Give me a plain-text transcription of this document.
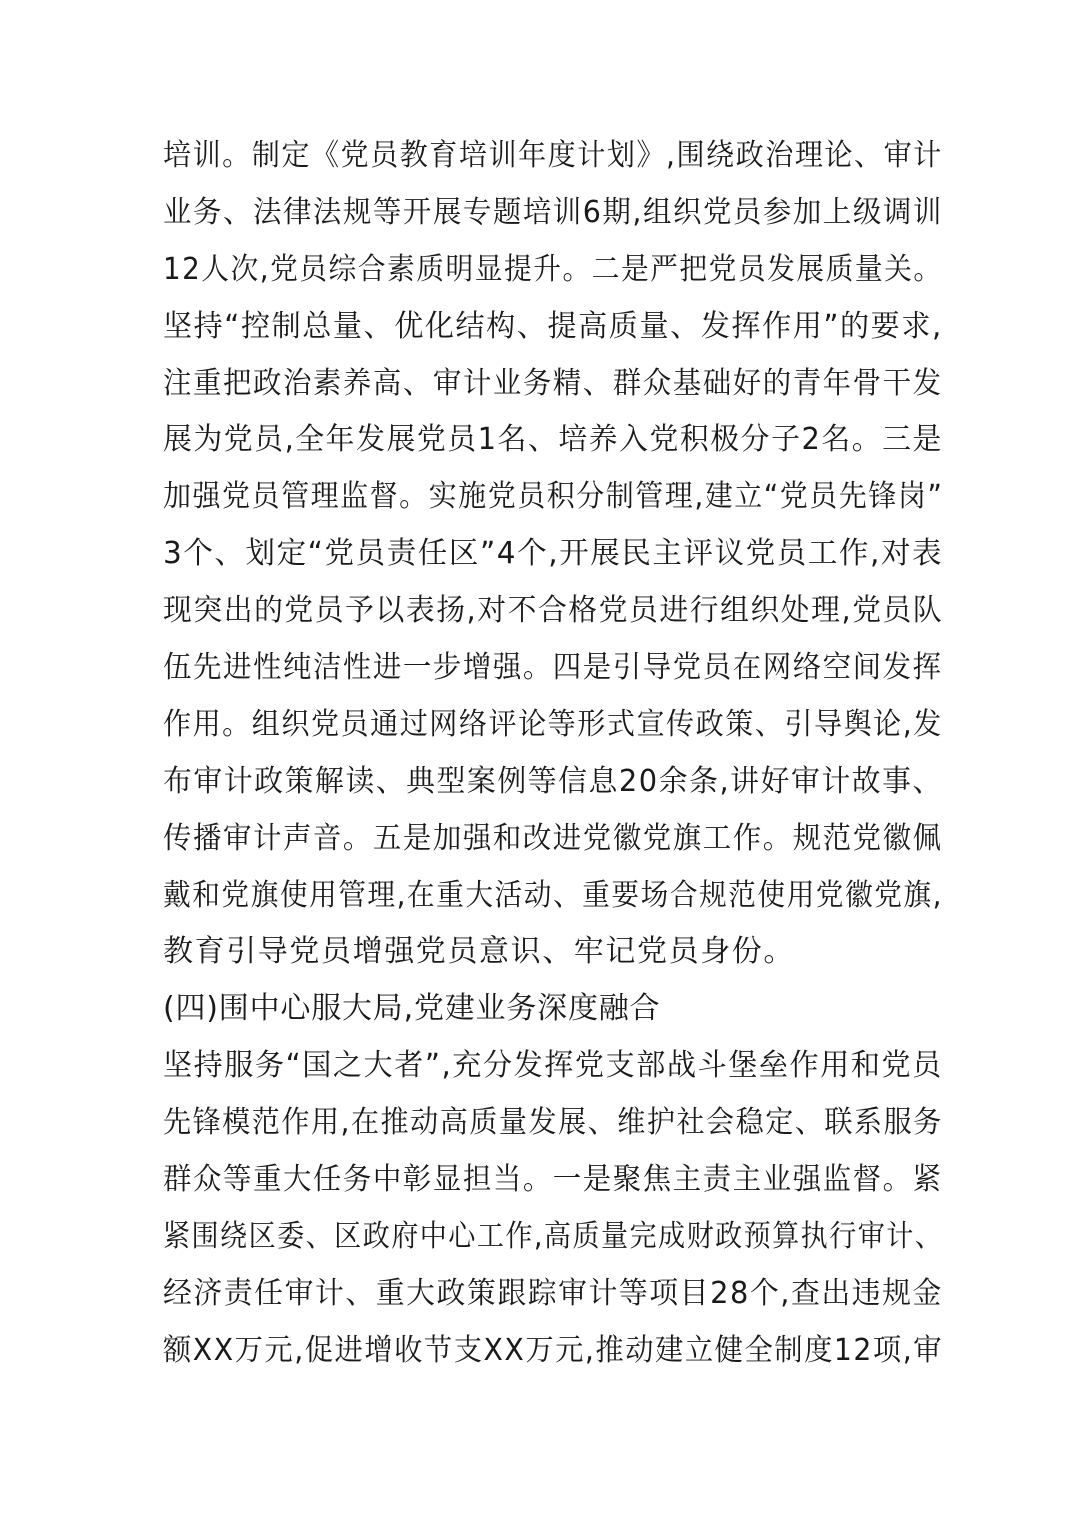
培训。制定《党员教育培训年度计划》,围绕政治理论、审计
业务、法律法规等开展专题培训6期,组织党员参加上级调训
12人次,党员综合素质明显提升。二是严把党员发展质量关。
坚持“控制总量、优化结构、提高质量、发挥作用”的要求,
注重把政治素养高、审计业务精、群众基础好的青年骨干发
展为党员,全年发展党员1名、培养入党积极分子2名。三是
加强党员管理监督。实施党员积分制管理,建立“党员先锋岗”
3个、划定“党员责任区”4个,开展民主评议党员工作,对表
现突出的党员予以表扬,对不合格党员进行组织处理,党员队
伍先进性纯洁性进一步增强。四是引导党员在网络空间发挥
作用。组织党员通过网络评论等形式宣传政策、引导舆论,发
布审计政策解读、典型案例等信息20余条,讲好审计故事、
传播审计声音。五是加强和改进党徽党旗工作。规范党徽佩
戴和党旗使用管理,在重大活动、重要场合规范使用党徽党旗,
教育引导党员增强党员意识、牢记党员身份。
(四)围中心服大局,党建业务深度融合
坚持服务“国之大者”,充分发挥党支部战斗堡垒作用和党员
先锋模范作用,在推动高质量发展、维护社会稳定、联系服务
群众等重大任务中彰显担当。一是聚焦主责主业强监督。紧
紧围绕区委、区政府中心工作,高质量完成财政预算执行审计、
经济责任审计、重大政策跟踪审计等项目28个,查出违规金
额XX万元,促进增收节支XX万元,推动建立健全制度12项,审
